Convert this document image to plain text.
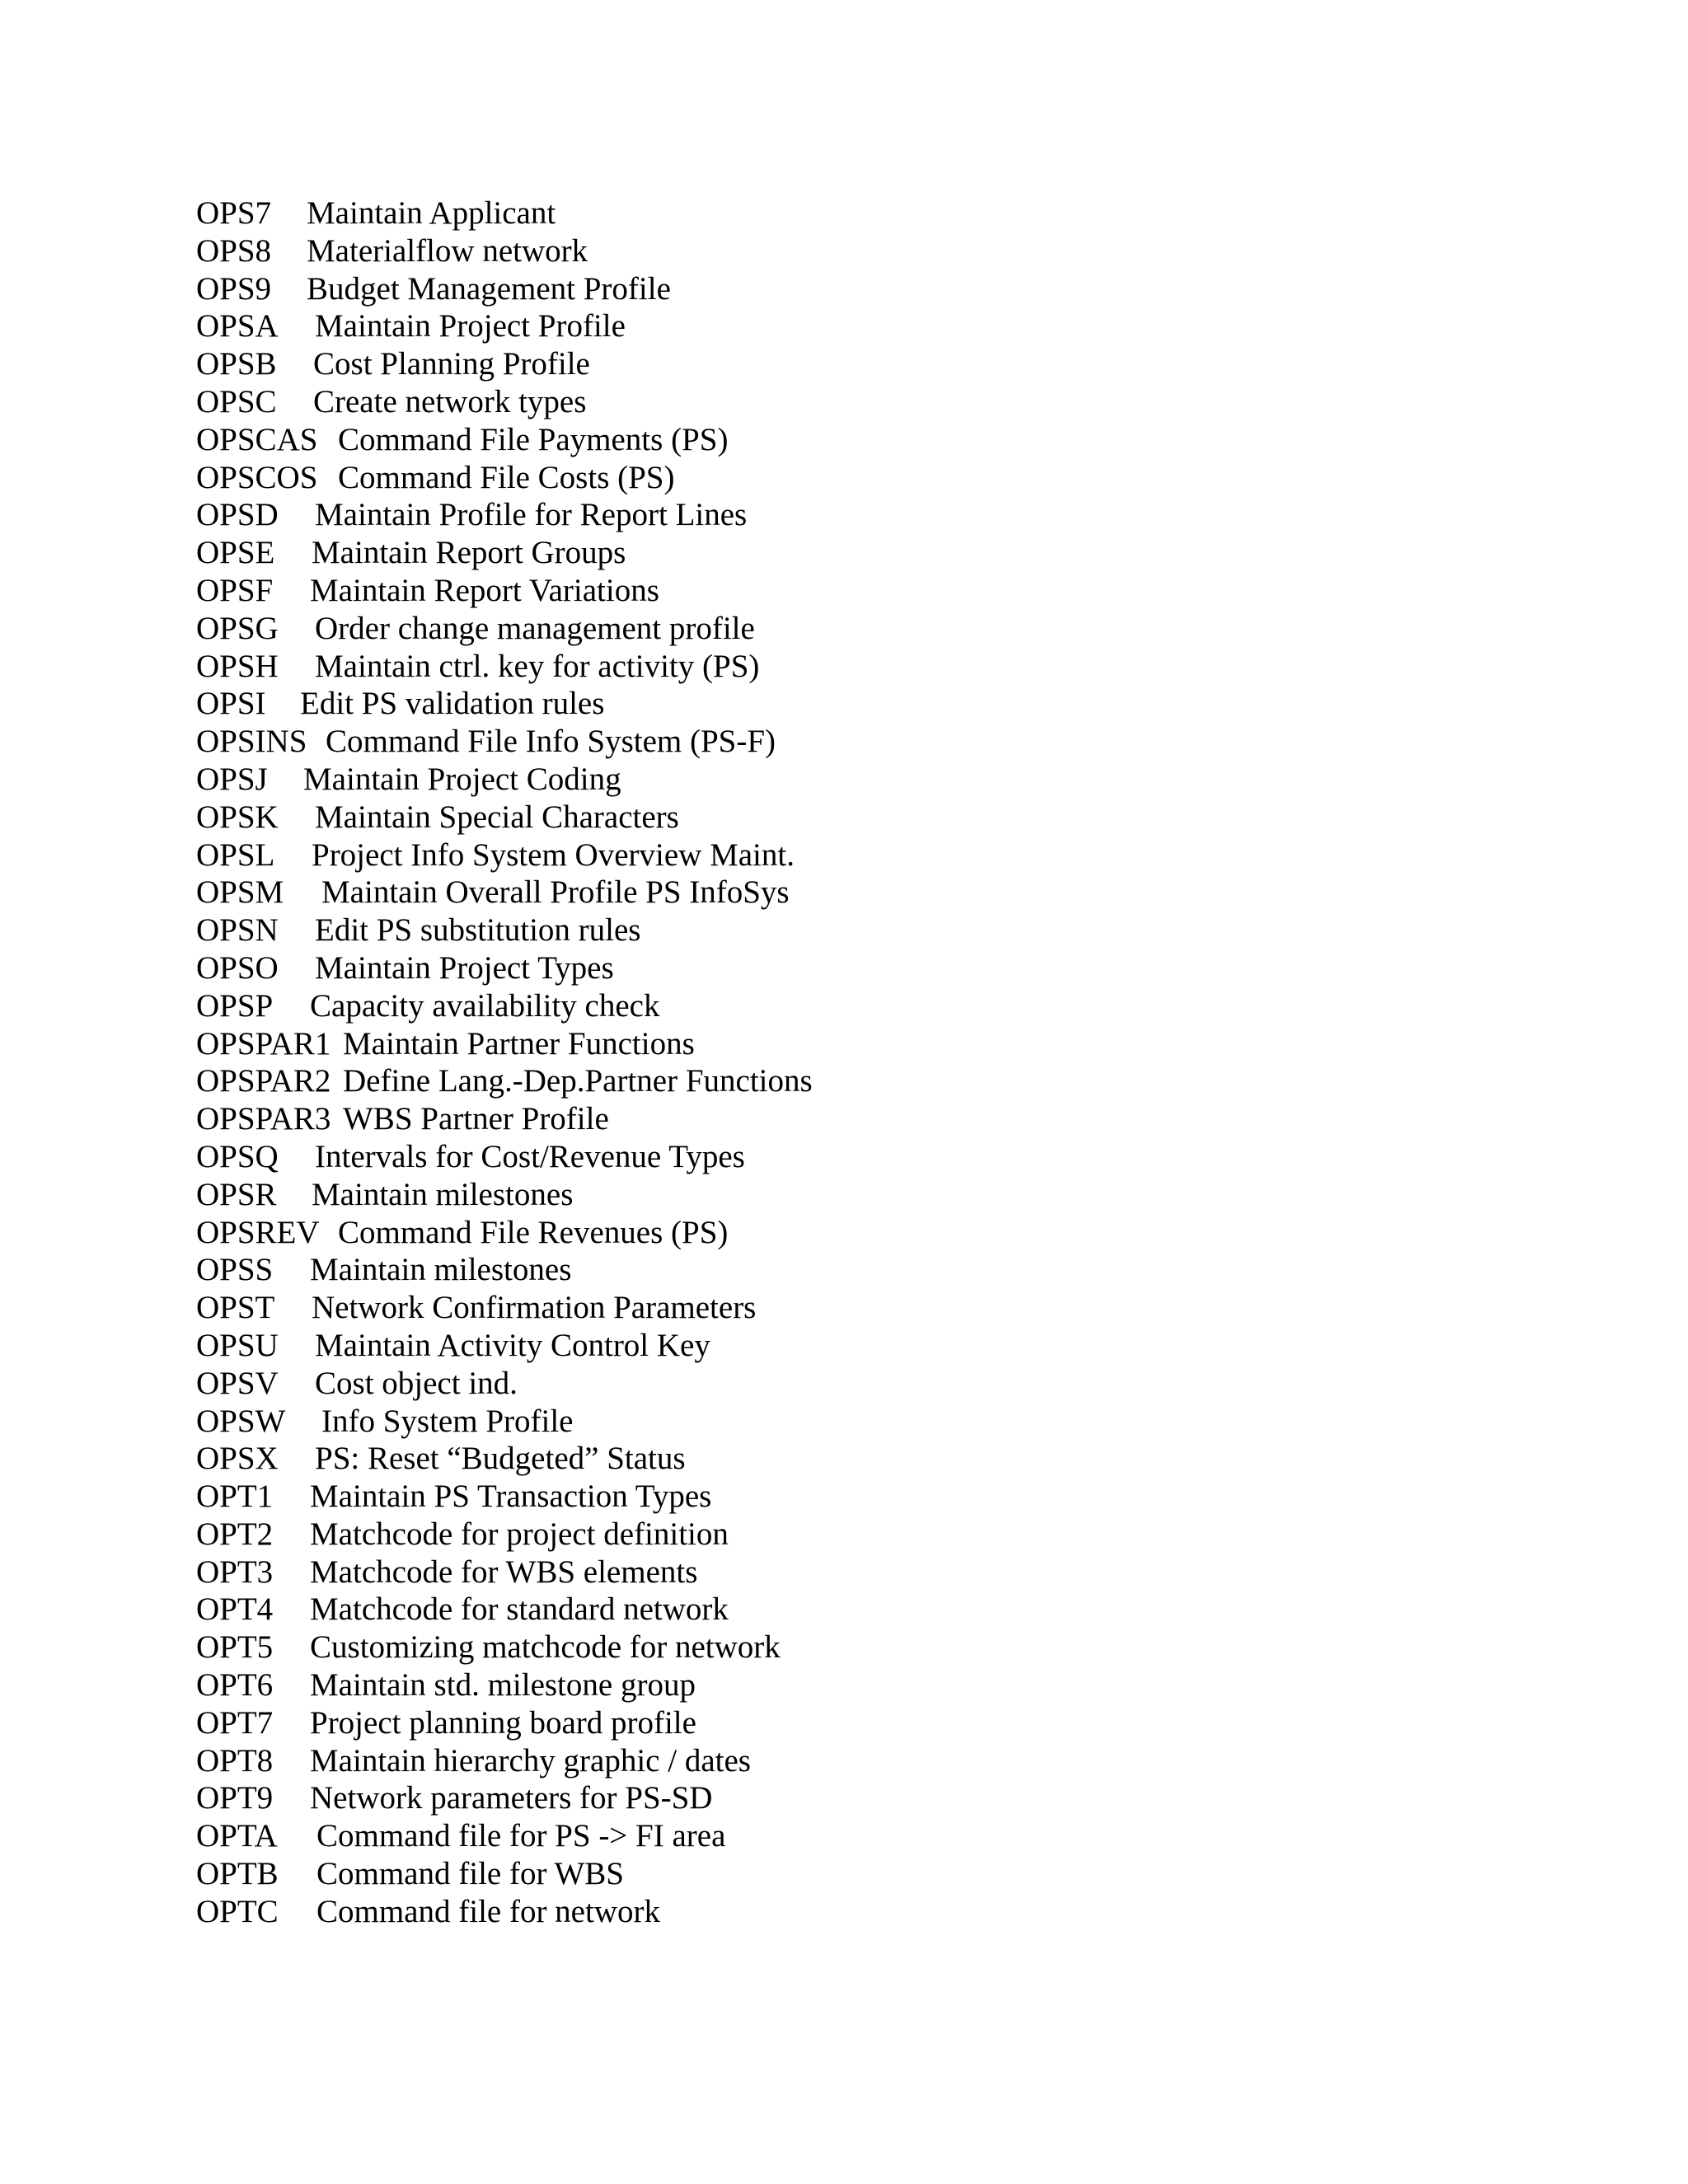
OPS7 Maintain Applicant
OPS8 Materialflow network
OPS9 Budget Management Profile
OPSA Maintain Project Profile
OPSB Cost Planning Profile
OPSC Create network types
OPSCAS Command File Payments (PS)
OPSCOS Command File Costs (PS)
OPSD Maintain Profile for Report Lines
OPSE Maintain Report Groups
OPSF Maintain Report Variations
OPSG Order change management profile
OPSH Maintain ctrl. key for activity (PS)
OPSI Edit PS validation rules
OPSINS Command File Info System (PS-F)
OPSJ Maintain Project Coding
OPSK Maintain Special Characters
OPSL Project Info System Overview Maint.
OPSM Maintain Overall Profile PS InfoSys
OPSN Edit PS substitution rules
OPSO Maintain Project Types
OPSP Capacity availability check
OPSPAR1 Maintain Partner Functions
OPSPAR2 Define Lang.-Dep.Partner Functions
OPSPAR3 WBS Partner Profile
OPSQ Intervals for Cost/Revenue Types
OPSR Maintain milestones
OPSREV Command File Revenues (PS)
OPSS Maintain milestones
OPST Network Confirmation Parameters
OPSU Maintain Activity Control Key
OPSV Cost object ind.
OPSW Info System Profile
OPSX PS: Reset “Budgeted” Status
OPT1 Maintain PS Transaction Types
OPT2 Matchcode for project definition
OPT3 Matchcode for WBS elements
OPT4 Matchcode for standard network
OPT5 Customizing matchcode for network
OPT6 Maintain std. milestone group
OPT7 Project planning board profile
OPT8 Maintain hierarchy graphic / dates
OPT9 Network parameters for PS-SD
OPTA Command file for PS -> FI area
OPTB Command file for WBS
OPTC Command file for network
